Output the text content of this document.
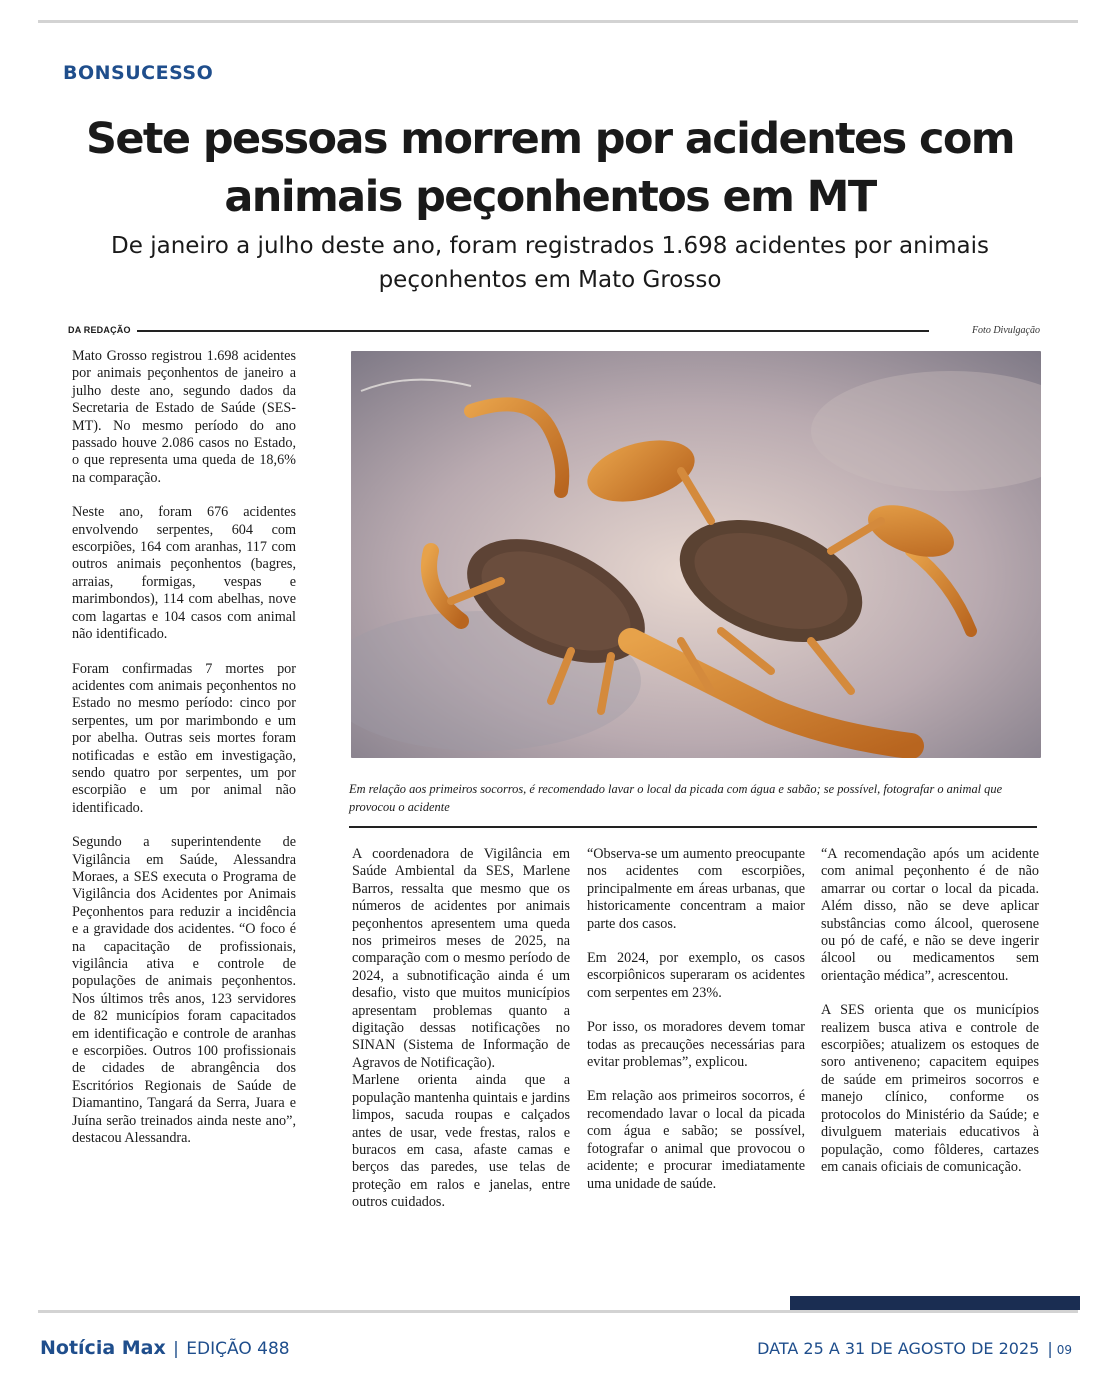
BONSUCESSO
Sete pessoas morrem por acidentes com animais peçonhentos em MT
De janeiro a julho deste ano, foram registrados 1.698 acidentes por animais peçonhentos em Mato Grosso
DA REDAÇÃO	Foto Divulgação

Mato Grosso registrou 1.698 acidentes por animais peçonhentos de janeiro a julho deste ano, segundo dados da Secretaria de Estado de Saúde (SES-MT). No mesmo período do ano passado houve 2.086 casos no Estado, o que representa uma queda de 18,6% na comparação.

Neste ano, foram 676 acidentes envolvendo serpentes, 604 com escorpiões, 164 com aranhas, 117 com outros animais peçonhentos (bagres, arraias, formigas, vespas e marimbondos), 114 com abelhas, nove com lagartas e 104 casos com animal não identificado.

Foram confirmadas 7 mortes por acidentes com animais peçonhentos no Estado no mesmo período: cinco por serpentes, um por marimbondo e um por abelha. Outras seis mortes foram notificadas e estão em investigação, sendo quatro por serpentes, um por escorpião e um por animal não identificado.

Segundo a superintendente de Vigilância em Saúde, Alessandra Moraes, a SES executa o Programa de Vigilância dos Acidentes por Animais Peçonhentos para reduzir a incidência e a gravidade dos acidentes. “O foco é na capacitação de profissionais, vigilância ativa e controle de populações de animais peçonhentos. Nos últimos três anos, 123 servidores de 82 municípios foram capacitados em identificação e controle de aranhas e escorpiões. Outros 100 profissionais de cidades de abrangência dos Escritórios Regionais de Saúde de Diamantino, Tangará da Serra, Juara e Juína serão treinados ainda neste ano”, destacou Alessandra.

Em relação aos primeiros socorros, é recomendado lavar o local da picada com água e sabão; se possível, fotografar o animal que provocou o acidente

A coordenadora de Vigilância em Saúde Ambiental da SES, Marlene Barros, ressalta que mesmo que os números de acidentes por animais peçonhentos apresentem uma queda nos primeiros meses de 2025, na comparação com o mesmo período de 2024, a subnotificação ainda é um desafio, visto que muitos municípios apresentam problemas quanto a digitação dessas notificações no SINAN (Sistema de Informação de Agravos de Notificação).

Marlene orienta ainda que a população mantenha quintais e jardins limpos, sacuda roupas e calçados antes de usar, vede frestas, ralos e buracos em casa, afaste camas e berços das paredes, use telas de proteção em ralos e janelas, entre outros cuidados.

“Observa-se um aumento preocupante nos acidentes com escorpiões, principalmente em áreas urbanas, que historicamente concentram a maior parte dos casos.

Em 2024, por exemplo, os casos escorpiônicos superaram os acidentes com serpentes em 23%.

Por isso, os moradores devem tomar todas as precauções necessárias para evitar problemas”, explicou.

Em relação aos primeiros socorros, é recomendado lavar o local da picada com água e sabão; se possível, fotografar o animal que provocou o acidente; e procurar imediatamente uma unidade de saúde.

“A recomendação após um acidente com animal peçonhento é de não amarrar ou cortar o local da picada. Além disso, não se deve aplicar substâncias como álcool, querosene ou pó de café, e não se deve ingerir álcool ou medicamentos sem orientação médica”, acrescentou.

A SES orienta que os municípios realizem busca ativa e controle de escorpiões; atualizem os estoques de soro antiveneno; capacitem equipes de saúde em primeiros socorros e manejo clínico, conforme os protocolos do Ministério da Saúde; e divulguem materiais educativos à população, como fôlderes, cartazes em canais oficiais de comunicação.

Notícia Max | EDIÇÃO 488	DATA 25 A 31 DE AGOSTO DE 2025 | 09
